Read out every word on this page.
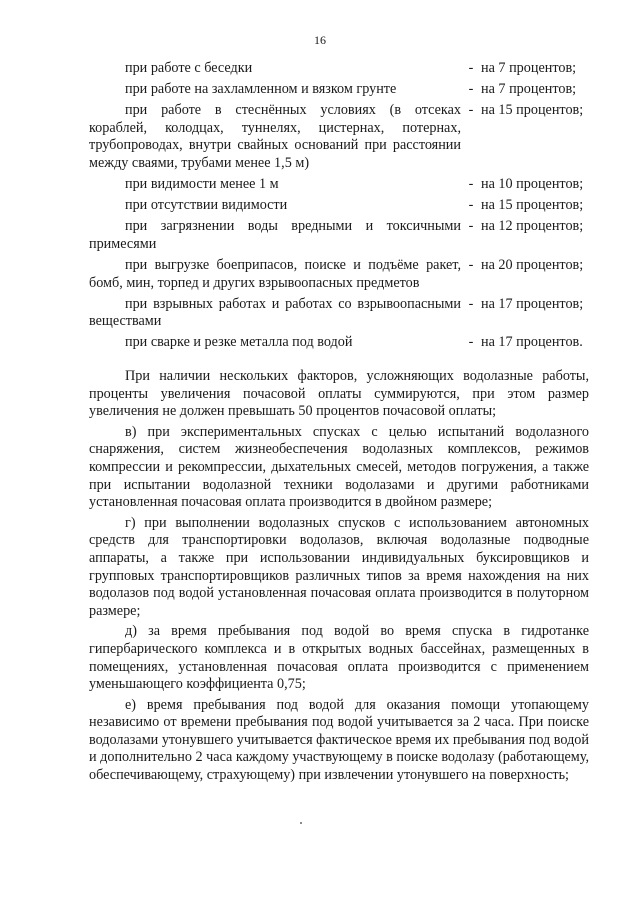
16
при работе с беседки	- на 7 процентов;
при работе на захламленном и вязком грунте	- на 7 процентов;
при работе в стеснённых условиях (в отсеках кораблей, колодцах, туннелях, цистернах, потернах, трубопроводах, внутри свайных оснований при расстоянии между сваями, трубами менее 1,5 м)
- на 15 процентов;
при видимости менее 1 м	- на 10 процентов;
при отсутствии видимости	- на 15 процентов;
при загрязнении воды вредными и токсичными примесями
- на 12 процентов;
при выгрузке боеприпасов, поиске и подъёме ракет, бомб, мин, торпед и других взрывоопасных предметов
- на 20 процентов;
при взрывных работах и работах со взрывоопасными веществами
- на 17 процентов;
при сварке и резке металла под водой	- на 17 процентов.

При наличии нескольких факторов, усложняющих водолазные работы, проценты увеличения почасовой оплаты суммируются, при этом размер увеличения не должен превышать 50 процентов почасовой оплаты;

в) при экспериментальных спусках с целью испытаний водолазного снаряжения, систем жизнеобеспечения водолазных комплексов, режимов компрессии и рекомпрессии, дыхательных смесей, методов погружения, а также при испытании водолазной техники водолазами и другими работниками установленная почасовая оплата производится в двойном размере;

г) при выполнении водолазных спусков с использованием автономных средств для транспортировки водолазов, включая водолазные подводные аппараты, а также при использовании индивидуальных буксировщиков и групповых транспортировщиков различных типов за время нахождения на них водолазов под водой установленная почасовая оплата производится в полуторном размере;

д) за время пребывания под водой во время спуска в гидротанке гипербарического комплекса и в открытых водных бассейнах, размещенных в помещениях, установленная почасовая оплата производится с применением уменьшающего коэффициента 0,75;

е) время пребывания под водой для оказания помощи утопающему независимо от времени пребывания под водой учитывается за 2 часа. При поиске водолазами утонувшего учитывается фактическое время их пребывания под водой и дополнительно 2 часа каждому участвующему в поиске водолазу (работающему, обеспечивающему, страхующему) при извлечении утонувшего на поверхность;
